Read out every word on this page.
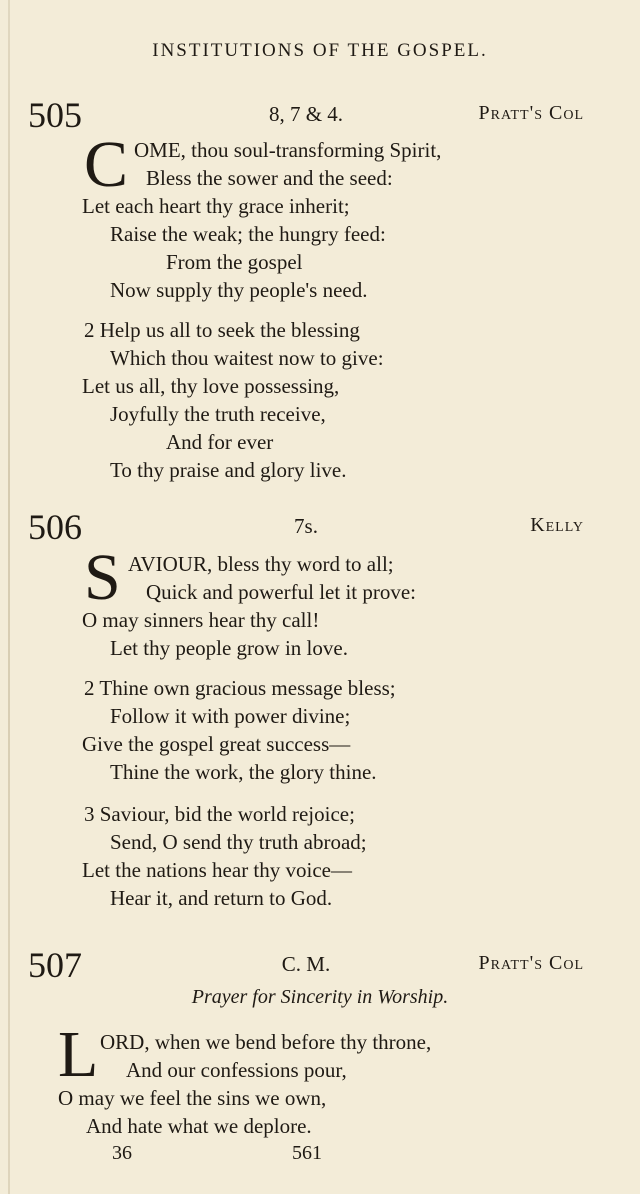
INSTITUTIONS OF THE GOSPEL.
505	8, 7 & 4.	Pratt's Col
C OME, thou soul-transforming Spirit,
Bless the sower and the seed:
Let each heart thy grace inherit;
Raise the weak; the hungry feed:
From the gospel
Now supply thy people's need.
2 Help us all to seek the blessing
Which thou waitest now to give:
Let us all, thy love possessing,
Joyfully the truth receive,
And for ever
To thy praise and glory live.
506	7s.	Kelly
S AVIOUR, bless thy word to all;
Quick and powerful let it prove:
O may sinners hear thy call!
Let thy people grow in love.
2 Thine own gracious message bless;
Follow it with power divine;
Give the gospel great success—
Thine the work, the glory thine.
3 Saviour, bid the world rejoice;
Send, O send thy truth abroad;
Let the nations hear thy voice—
Hear it, and return to God.
507	C. M.	Pratt's Col
Prayer for Sincerity in Worship.
L ORD, when we bend before thy throne,
And our confessions pour,
O may we feel the sins we own,
And hate what we deplore.
36	561
